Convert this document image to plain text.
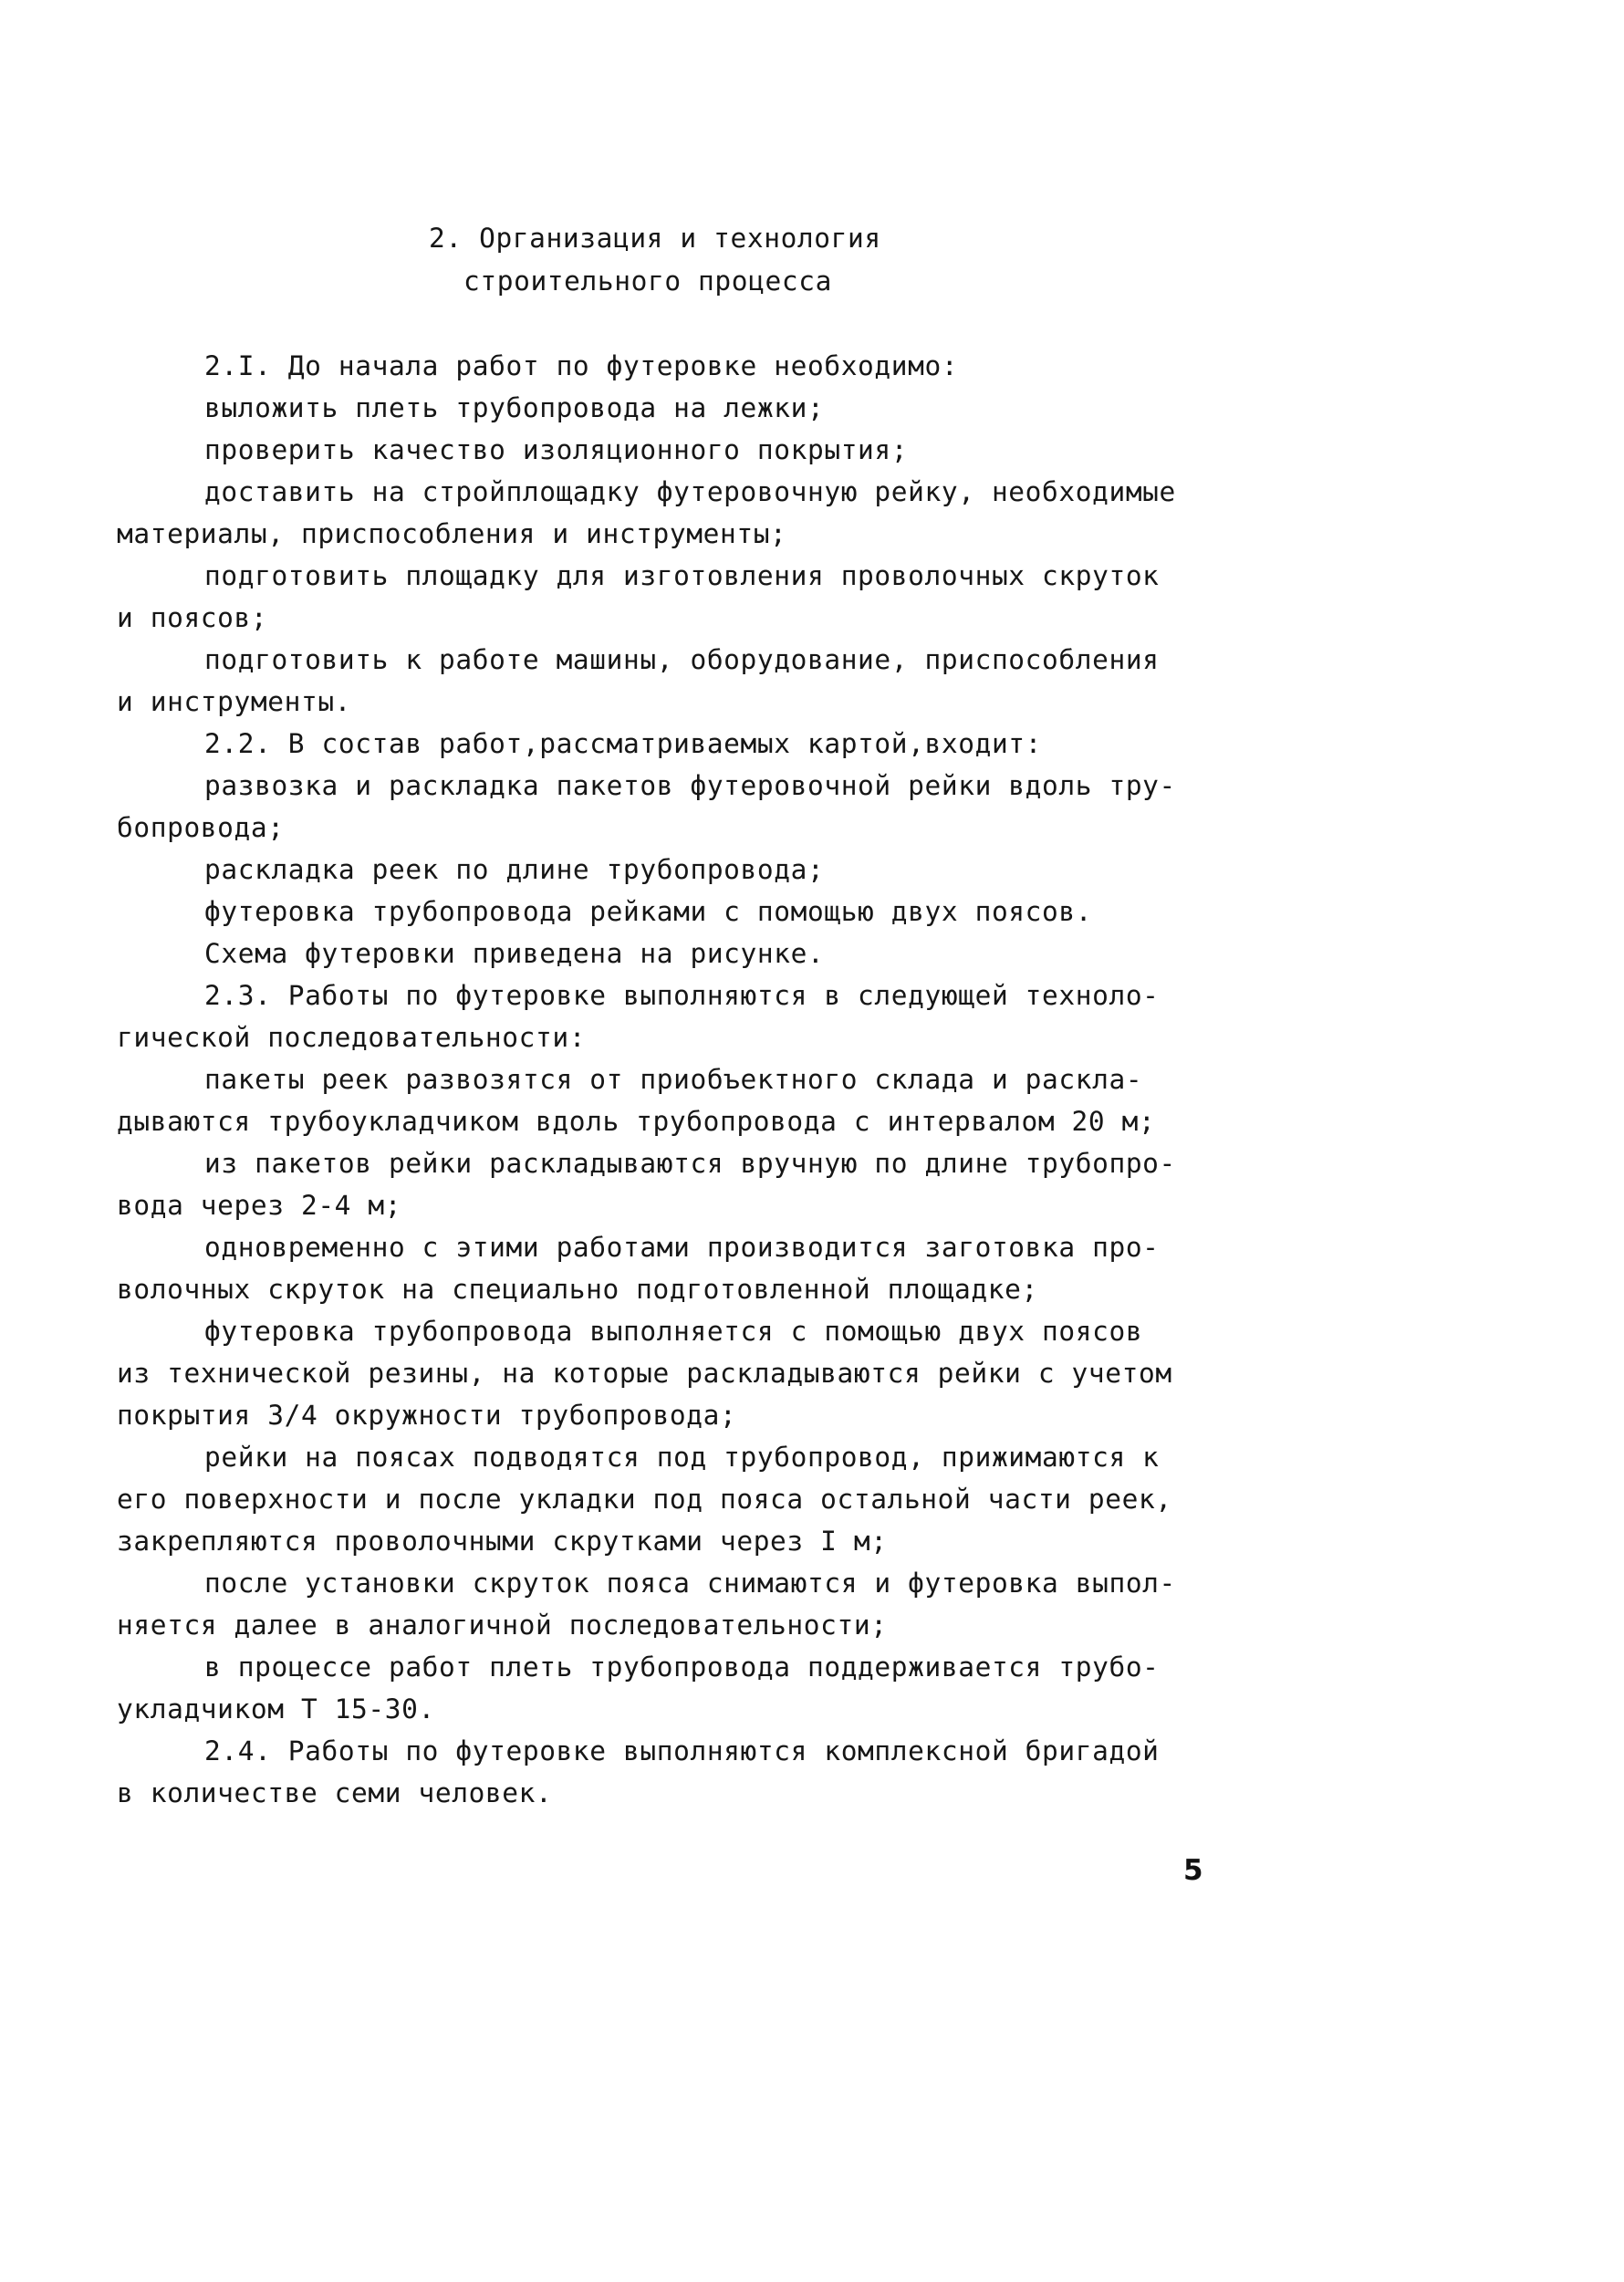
2. Организация и технология
строительного процесса
2.I. До начала работ по футеровке необходимо:
выложить плеть трубопровода на лежки;
проверить качество изоляционного покрытия;
доставить на стройплощадку футеровочную рейку, необходимые
материалы, приспособления и инструменты;
подготовить площадку для изготовления проволочных скруток
и поясов;
подготовить к работе машины, оборудование, приспособления
и инструменты.
2.2. В состав работ,рассматриваемых картой,входит:
развозка и раскладка пакетов футеровочной рейки вдоль тру-
бопровода;
раскладка реек по длине трубопровода;
футеровка трубопровода рейками с помощью двух поясов.
Схема футеровки приведена на рисунке.
2.3. Работы по футеровке выполняются в следующей техноло-
гической последовательности:
пакеты реек развозятся от приобъектного склада и раскла-
дываются трубоукладчиком вдоль трубопровода с интервалом 20 м;
из пакетов рейки раскладываются вручную по длине трубопро-
вода через 2-4 м;
одновременно с этими работами производится заготовка про-
волочных скруток на специально подготовленной площадке;
футеровка трубопровода выполняется с помощью двух поясов
из технической резины, на которые раскладываются рейки с учетом
покрытия 3/4 окружности трубопровода;
рейки на поясах подводятся под трубопровод, прижимаются к
его поверхности и после укладки под пояса остальной части реек,
закрепляются проволочными скрутками через I м;
после установки скруток пояса снимаются и футеровка выпол-
няется далее в аналогичной последовательности;
в процессе работ плеть трубопровода поддерживается трубо-
укладчиком Т 15-30.
2.4. Работы по футеровке выполняются комплексной бригадой
в количестве семи человек.
5
